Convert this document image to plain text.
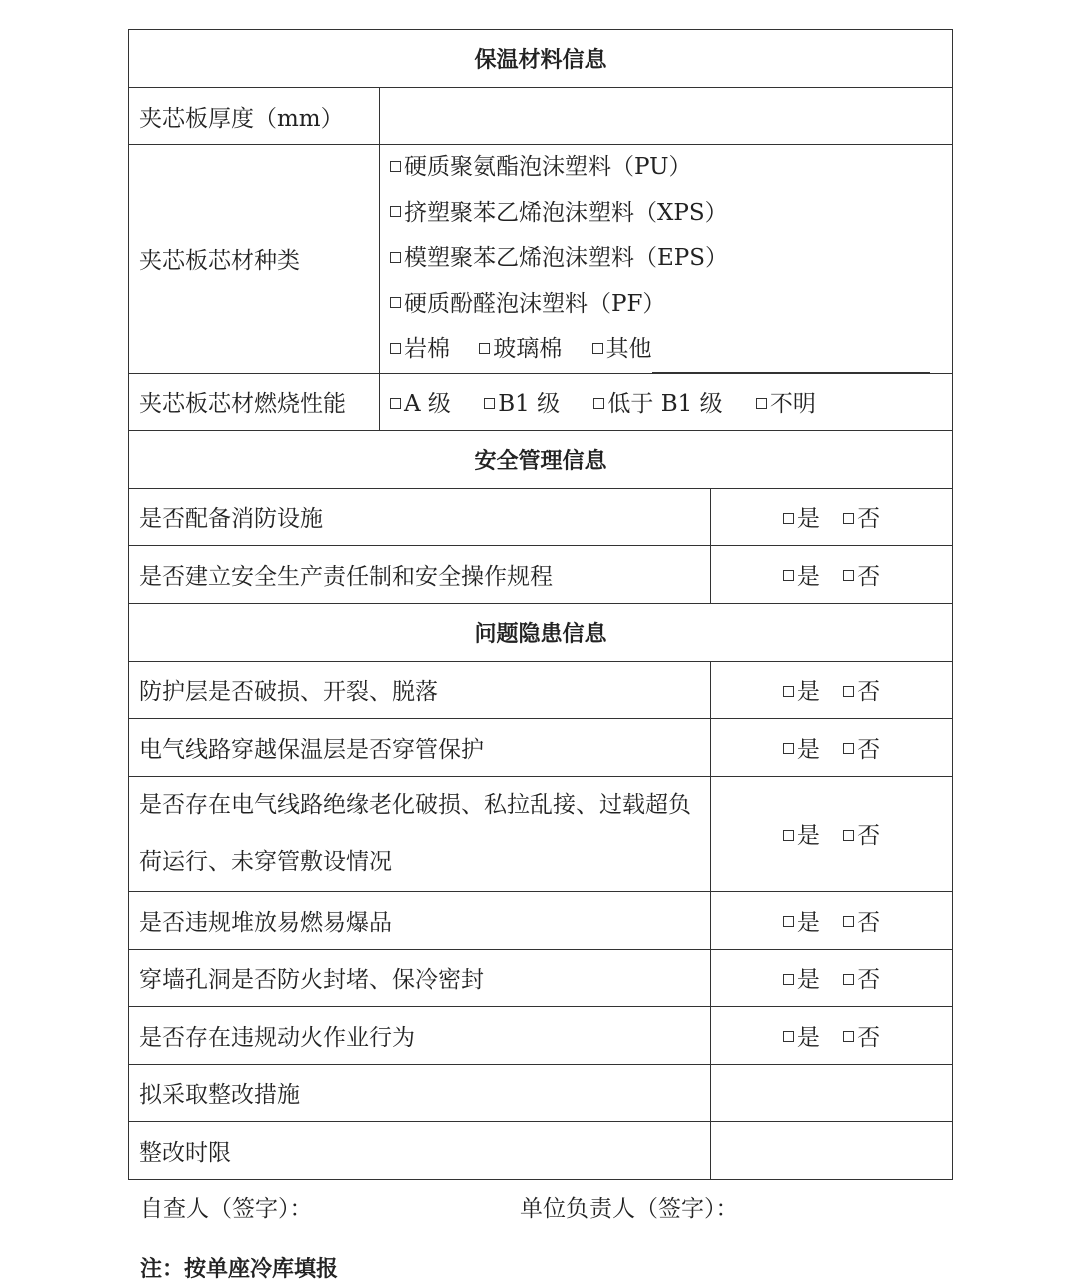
保温材料信息		
夹芯板厚度（mm）		
夹芯板芯材种类	硬质聚氨酯泡沫塑料（PU）
挤塑聚苯乙烯泡沫塑料（XPS）
模塑聚苯乙烯泡沫塑料（EPS）
硬质酚醛泡沫塑料（PF）
岩棉 玻璃棉 其他	

夹芯板芯材燃烧性能	A 级 B1 级 低于 B1 级 不明	
安全管理信息		
是否配备消防设施		是 否
是否建立安全生产责任制和安全操作规程		是 否
问题隐患信息		
防护层是否破损、开裂、脱落		是 否
电气线路穿越保温层是否穿管保护		是 否
是否存在电气线路绝缘老化破损、私拉乱接、过载超负荷运行、未穿管敷设情况		是 否
是否违规堆放易燃易爆品		是 否
穿墙孔洞是否防火封堵、保冷密封		是 否
是否存在违规动火作业行为		是 否
拟采取整改措施		
整改时限		
自查人（签字）：	单位负责人（签字）：
注：按单座冷库填报
